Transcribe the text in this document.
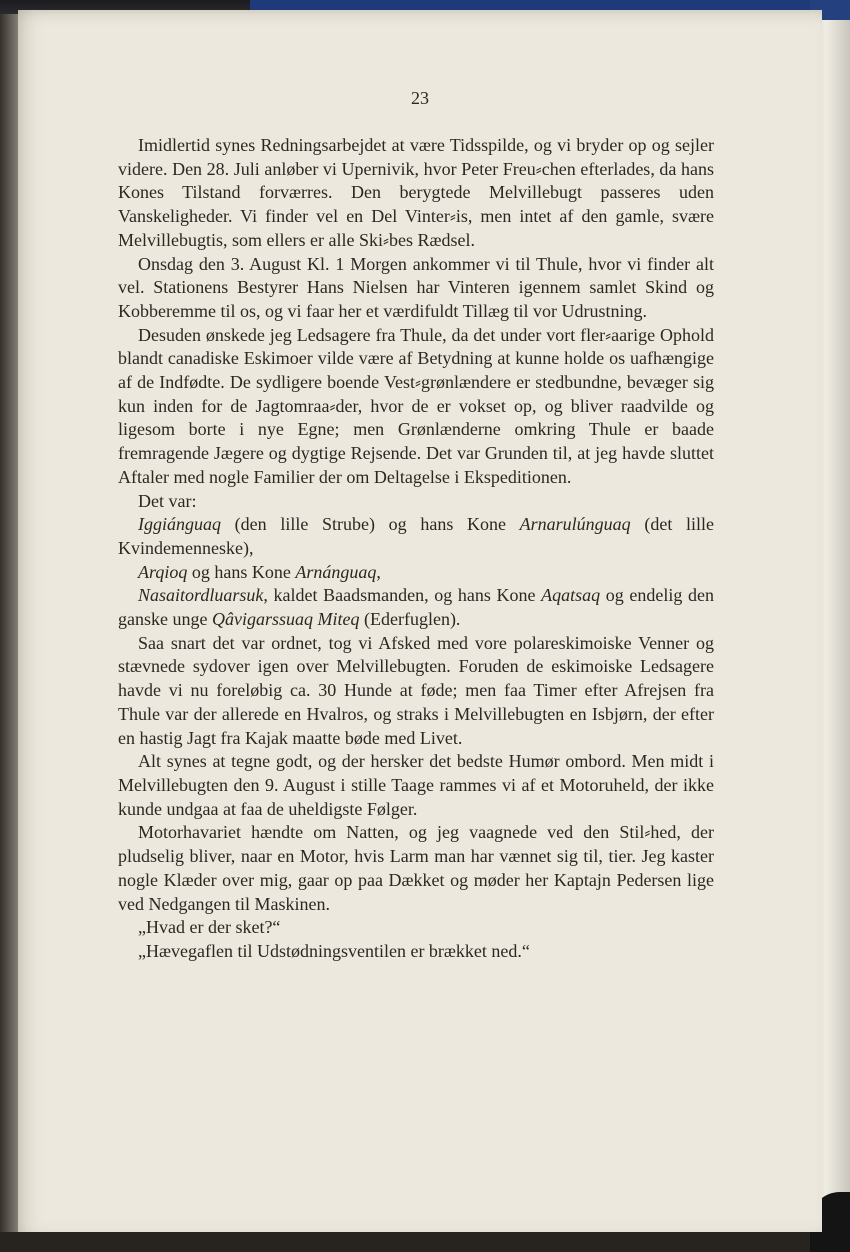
23

Imidlertid synes Redningsarbejdet at være Tidsspilde, og vi bryder op og sejler videre. Den 28. Juli anløber vi Upernivik, hvor Peter Freu⸗chen efterlades, da hans Kones Tilstand forværres. Den berygtede Melvillebugt passeres uden Vanskeligheder. Vi finder vel en Del Vinter⸗is, men intet af den gamle, svære Melvillebugtis, som ellers er alle Ski⸗bes Rædsel.

Onsdag den 3. August Kl. 1 Morgen ankommer vi til Thule, hvor vi finder alt vel. Stationens Bestyrer Hans Nielsen har Vinteren igennem samlet Skind og Kobberemme til os, og vi faar her et værdifuldt Tillæg til vor Udrustning.

Desuden ønskede jeg Ledsagere fra Thule, da det under vort fler⸗aarige Ophold blandt canadiske Eskimoer vilde være af Betydning at kunne holde os uafhængige af de Indfødte. De sydligere boende Vest⸗grønlændere er stedbundne, bevæger sig kun inden for de Jagtomraa⸗der, hvor de er vokset op, og bliver raadvilde og ligesom borte i nye Egne; men Grønlænderne omkring Thule er baade fremragende Jægere og dygtige Rejsende. Det var Grunden til, at jeg havde sluttet Aftaler med nogle Familier der om Deltagelse i Ekspeditionen.

Det var:

Iggiánguaq (den lille Strube) og hans Kone Arnarulúnguaq (det lille Kvindemenneske),

Arqioq og hans Kone Arnánguaq,

Nasaitordluarsuk, kaldet Baadsmanden, og hans Kone Aqatsaq og endelig den ganske unge Qâvigarssuaq Miteq (Ederfuglen).

Saa snart det var ordnet, tog vi Afsked med vore polareskimoiske Venner og stævnede sydover igen over Melvillebugten. Foruden de eskimoiske Ledsagere havde vi nu foreløbig ca. 30 Hunde at føde; men faa Timer efter Afrejsen fra Thule var der allerede en Hvalros, og straks i Melvillebugten en Isbjørn, der efter en hastig Jagt fra Kajak maatte bøde med Livet.

Alt synes at tegne godt, og der hersker det bedste Humør ombord. Men midt i Melvillebugten den 9. August i stille Taage rammes vi af et Motoruheld, der ikke kunde undgaa at faa de uheldigste Følger.

Motorhavariet hændte om Natten, og jeg vaagnede ved den Stil⸗hed, der pludselig bliver, naar en Motor, hvis Larm man har vænnet sig til, tier. Jeg kaster nogle Klæder over mig, gaar op paa Dækket og møder her Kaptajn Pedersen lige ved Nedgangen til Maskinen.

„Hvad er der sket?“

„Hævegaflen til Udstødningsventilen er brækket ned.“
